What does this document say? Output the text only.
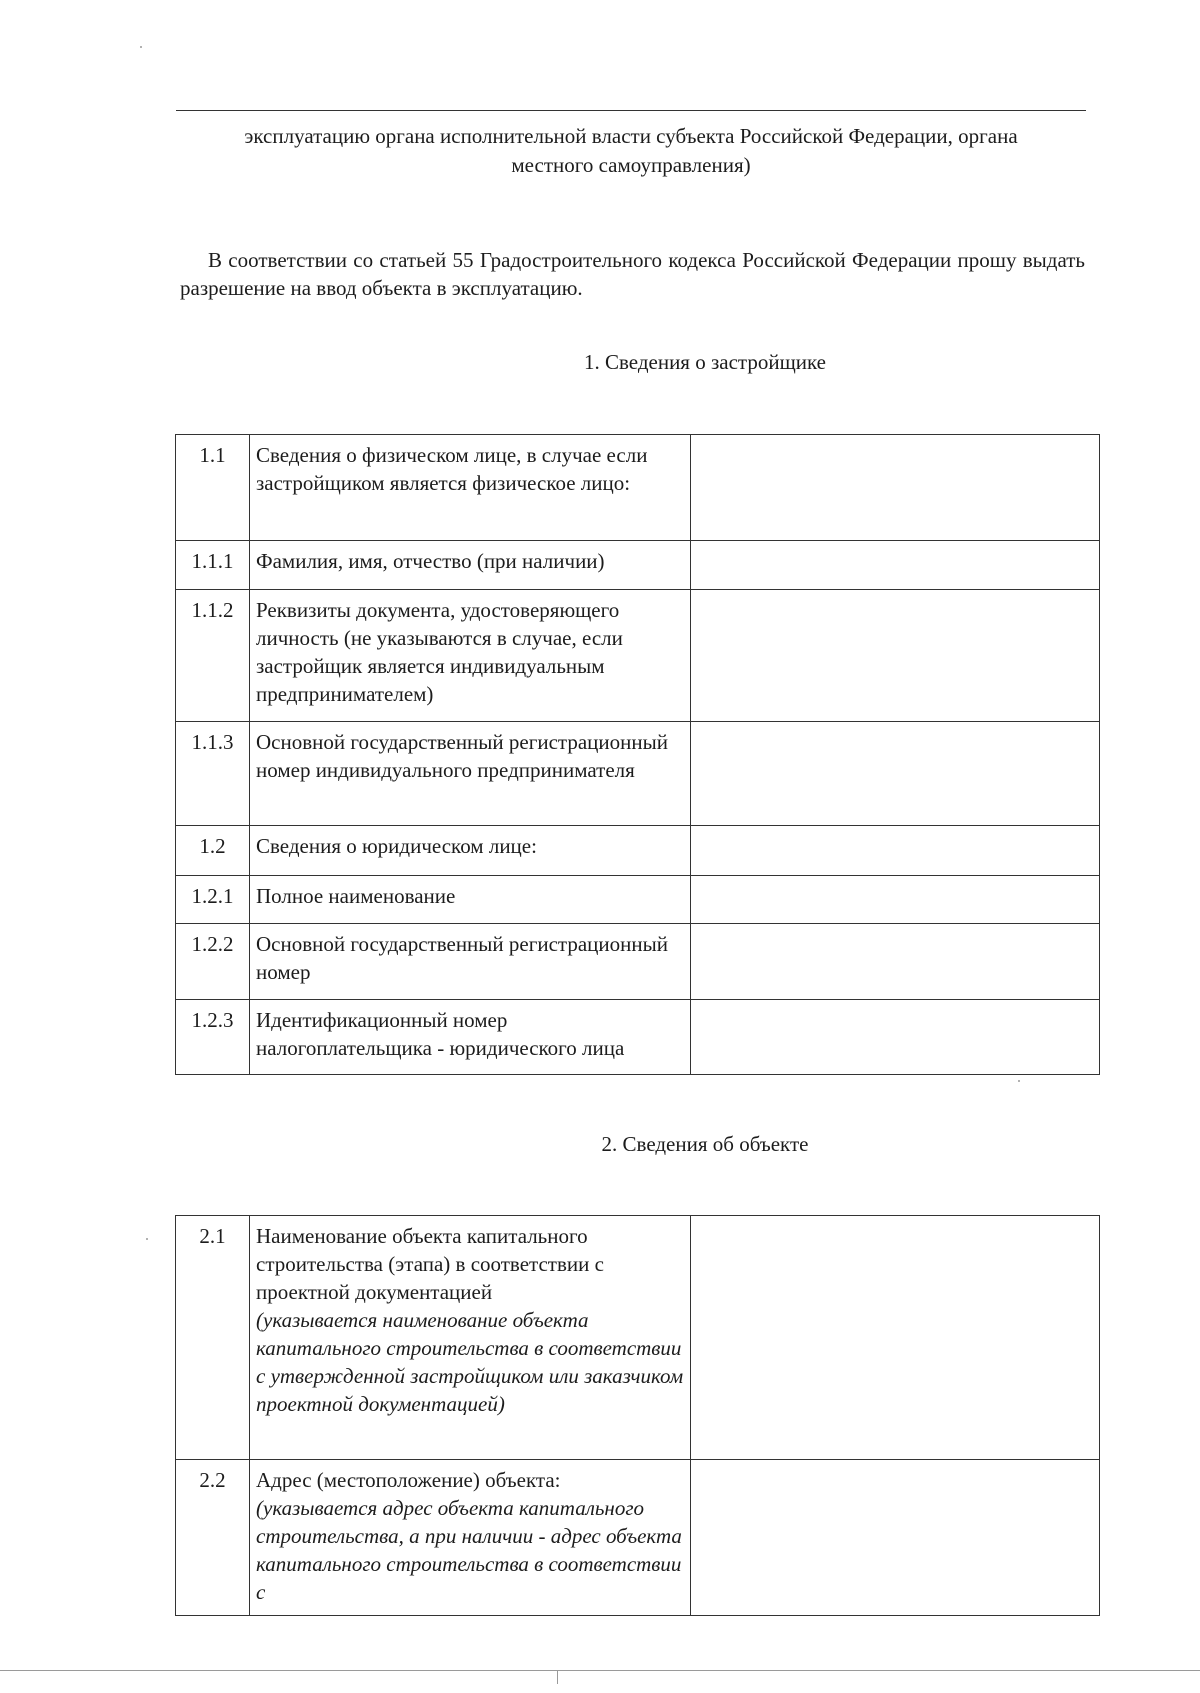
эксплуатацию органа исполнительной власти субъекта Российской Федерации, органа
местного самоуправления)
В соответствии со статьей 55 Градостроительного кодекса Российской Федерации прошу выдать разрешение на ввод объекта в эксплуатацию.
1. Сведения о застройщике
1.1	Сведения о физическом лице, в случае если застройщиком является физическое лицо:	
1.1.1	Фамилия, имя, отчество (при наличии)	
1.1.2	Реквизиты документа, удостоверяющего личность (не указываются в случае, если застройщик является индивидуальным предпринимателем)	
1.1.3	Основной государственный регистрационный номер индивидуального предпринимателя	
1.2	Сведения о юридическом лице:	
1.2.1	Полное наименование	
1.2.2	Основной государственный регистрационный номер	
1.2.3	Идентификационный номер налогоплательщика - юридического лица	
2. Сведения об объекте
2.1	Наименование объекта капитального строительства (этапа) в соответствии с проектной документацией
(указывается наименование объекта капитального строительства в соответствии с утвержденной застройщиком или заказчиком проектной документацией)	

2.2	Адрес (местоположение) объекта:
(указывается адрес объекта капитального строительства, а при наличии - адрес объекта капитального строительства в соответствии с	
